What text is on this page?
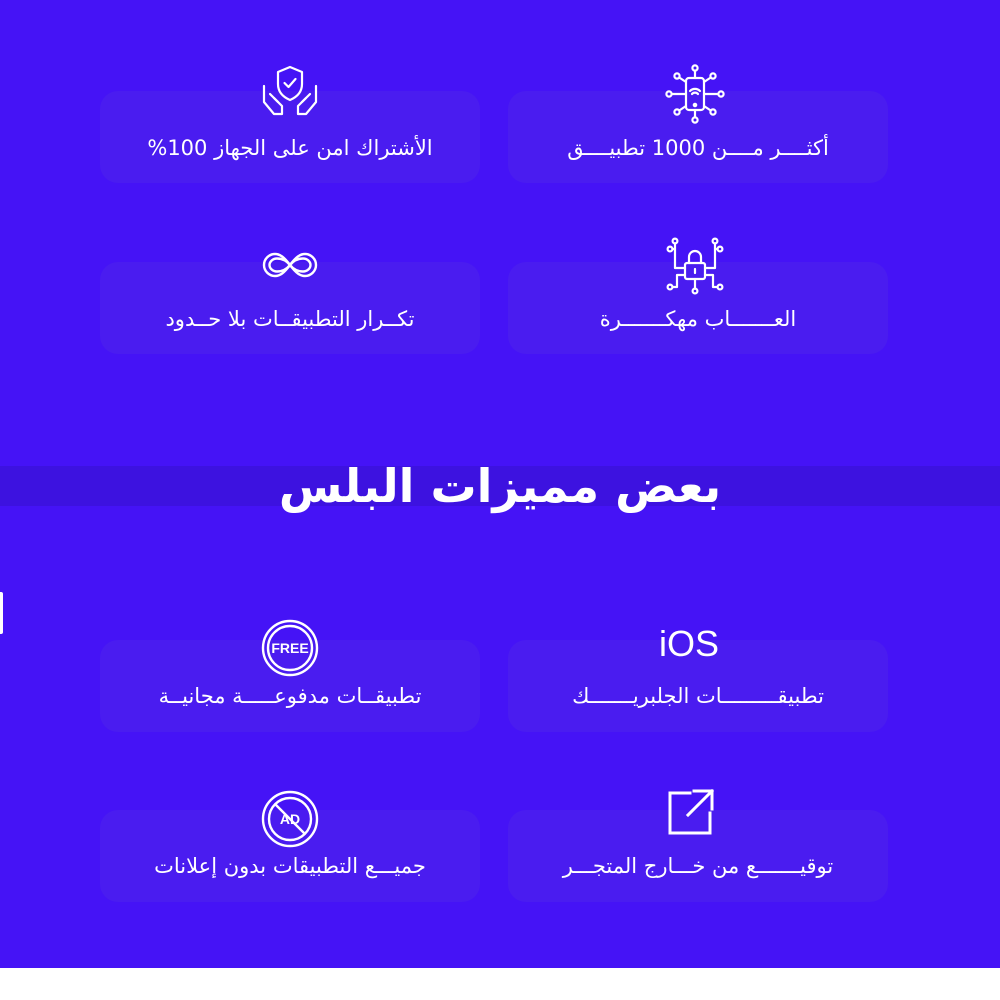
أكثــــر مــــن 1000 تطبيــــق
الأشتراك امن على الجهاز 100%
العـــــــاب مهكـــــــرة
تكــرار التطبيقــات بلا حــدود
بعض مميزات البلس
iOS
تطبيقـــــــــات الجلبريـــــــك
FREE
تطبيقــات مدفوعـــــة مجانيــة
توقيـــــــع من خـــارج المتجـــر
AD
جميـــع التطبيقات بدون إعلانات
